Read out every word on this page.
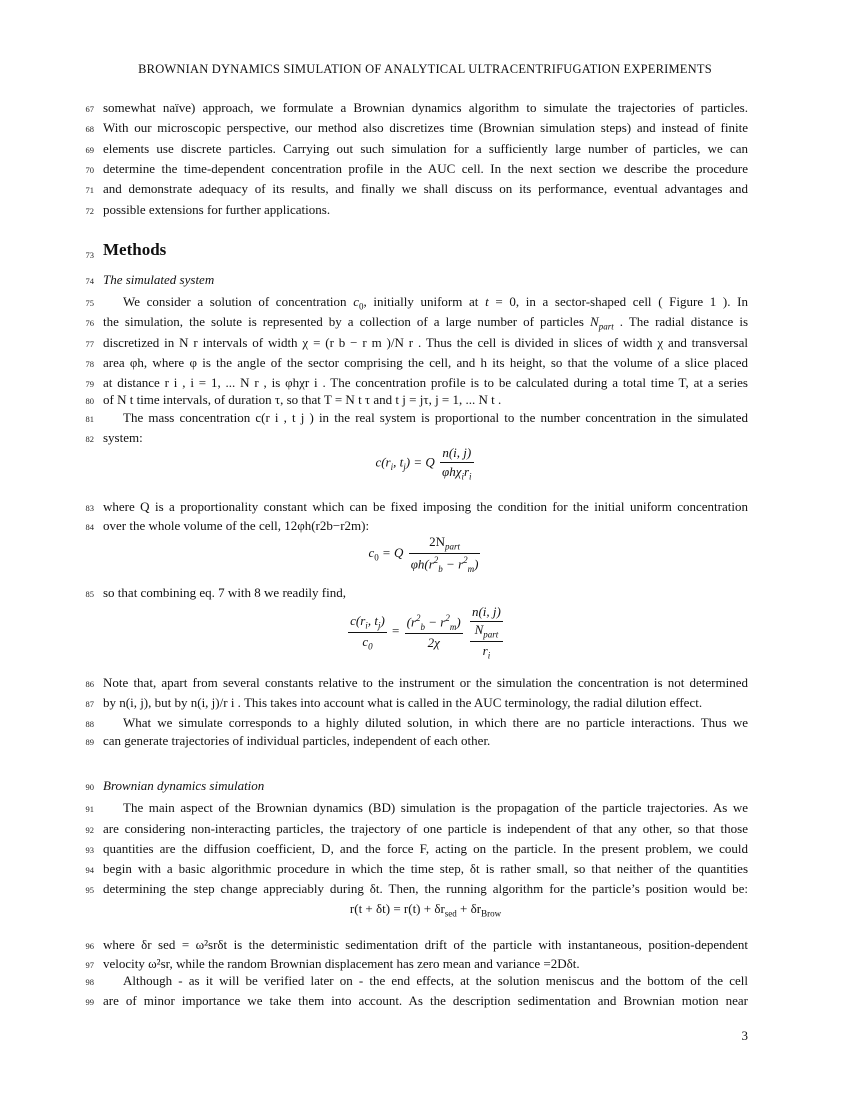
BROWNIAN DYNAMICS SIMULATION OF ANALYTICAL ULTRACENTRIFUGATION EXPERIMENTS
67 somewhat naïve) approach, we formulate a Brownian dynamics algorithm to simulate the trajectories of particles.
68 With our microscopic perspective, our method also discretizes time (Brownian simulation steps) and instead of finite
69 elements use discrete particles. Carrying out such simulation for a sufficiently large number of particles, we can
70 determine the time-dependent concentration profile in the AUC cell. In the next section we describe the procedure
71 and demonstrate adequacy of its results, and finally we shall discuss on its performance, eventual advantages and
72 possible extensions for further applications.
73 Methods
74 The simulated system
75 We consider a solution of concentration $c_0$, initially uniform at t = 0, in a sector-shaped cell ( Figure 1 ). In
76 the simulation, the solute is represented by a collection of a large number of particles $N_{part}$ . The radial distance is
77 discretized in N r intervals of width χ = (r b − r m )/N r . Thus the cell is divided in slices of width χ and transversal
78 area φh, where φ is the angle of the sector comprising the cell, and h its height, so that the volume of a slice placed
79 at distance r i , i = 1, ... N r , is φhχr i . The concentration profile is to be calculated during a total time T, at a series
80 of N t time intervals, of duration τ, so that T = N t τ and t j = jτ, j = 1, ... N t .
81 The mass concentration c(r i , t j ) in the real system is proportional to the number concentration in the simulated
82 system:
$c(r_i$, $t_j) = Q \frac{n(i, j)}{\varphi h\chi_ir_i}$
83 where Q is a proportionality constant which can be fixed imposing the condition for the initial uniform concentration
84 over the whole volume of the cell, 12φh(r2b−r2m):
$c_0 = Q \frac{2N_{part}}{\varphi h(r^2_b - r^2_m)}$
85 so that combining eq. 7 with 8 we readily find,
$\frac{c(r_i, t_j)}{c_0} = \frac{(r^2_b - r^2_m)}{2\chi}$

n(i, j)
$N_{part}$
$r_i$
86 Note that, apart from several constants relative to the instrument or the simulation the concentration is not determined
87 by n(i, j), but by n(i, j)/r i . This takes into account what is called in the AUC terminology, the radial dilution effect.
88 What we simulate corresponds to a highly diluted solution, in which there are no particle interactions. Thus we
89 can generate trajectories of individual particles, independent of each other.
90 Brownian dynamics simulation
91 The main aspect of the Brownian dynamics (BD) simulation is the propagation of the particle trajectories. As we
92 are considering non-interacting particles, the trajectory of one particle is independent of that any other, so that those
93 quantities are the diffusion coefficient, D, and the force F, acting on the particle. In the present problem, we could
94 begin with a basic algorithmic procedure in which the time step, δt is rather small, so that neither of the quantities
95 determining the step change appreciably during δt. Then, the running algorithm for the particle’s position would be:
$r(t + \delta t) = r(t) + \delta r_{sed} + \delta r_{Brow}$
96 where δr sed = ω²srδt is the deterministic sedimentation drift of the particle with instantaneous, position-dependent
97 velocity ω²sr, while the random Brownian displacement has zero mean and variance =2Dδt.
98 Although - as it will be verified later on - the end effects, at the solution meniscus and the bottom of the cell
99 are of minor importance we take them into account. As the description sedimentation and Brownian motion near
3
